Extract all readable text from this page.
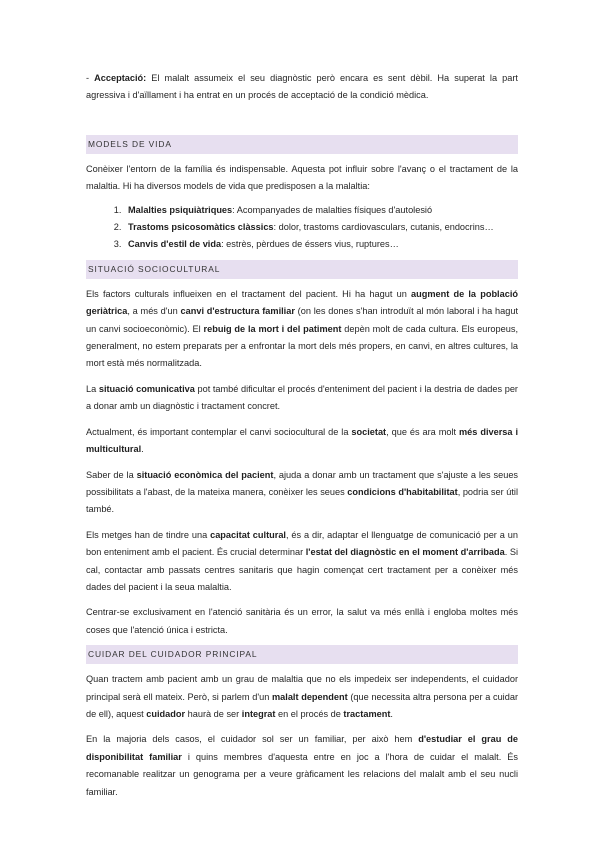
- Acceptació: El malalt assumeix el seu diagnòstic però encara es sent dèbil. Ha superat la part agressiva i d'aïllament i ha entrat en un procés de acceptació de la condició mèdica.

MODELS DE VIDA

Conèixer l'entorn de la família és indispensable. Aquesta pot influir sobre l'avanç o el tractament de la malaltia. Hi ha diversos models de vida que predisposen a la malaltia:

1. Malalties psiquiàtriques: Acompanyades de malalties físiques d'autolesió
2. Trastoms psicosomàtics clàssics: dolor, trastoms cardiovasculars, cutanis, endocrins…
3. Canvis d'estil de vida: estrès, pèrdues de éssers vius, ruptures…
SITUACIÓ SOCIOCULTURAL

Els factors culturals influeixen en el tractament del pacient. Hi ha hagut un augment de la població geriàtrica, a més d'un canvi d'estructura familiar (on les dones s'han introduït al món laboral i ha hagut un canvi socioeconòmic). El rebuig de la mort i del patiment depèn molt de cada cultura. Els europeus, generalment, no estem preparats per a enfrontar la mort dels més propers, en canvi, en altres cultures, la mort està més normalitzada.

La situació comunicativa pot també dificultar el procés d'enteniment del pacient i la destria de dades per a donar amb un diagnòstic i tractament concret.

Actualment, és important contemplar el canvi sociocultural de la societat, que és ara molt més diversa i multicultural.

Saber de la situació econòmica del pacient, ajuda a donar amb un tractament que s'ajuste a les seues possibilitats a l'abast, de la mateixa manera, conèixer les seues condicions d'habitabilitat, podria ser útil també.

Els metges han de tindre una capacitat cultural, és a dir, adaptar el llenguatge de comunicació per a un bon enteniment amb el pacient. És crucial determinar l'estat del diagnòstic en el moment d'arribada. Si cal, contactar amb passats centres sanitaris que hagin començat cert tractament per a conèixer més dades del pacient i la seua malaltia.

Centrar-se exclusivament en l'atenció sanitària és un error, la salut va més enllà i engloba moltes més coses que l'atenció única i estricta.

CUIDAR DEL CUIDADOR PRINCIPAL

Quan tractem amb pacient amb un grau de malaltia que no els impedeix ser independents, el cuidador principal serà ell mateix. Però, si parlem d'un malalt dependent (que necessita altra persona per a cuidar de ell), aquest cuidador haurà de ser integrat en el procés de tractament.

En la majoria dels casos, el cuidador sol ser un familiar, per això hem d'estudiar el grau de disponibilitat familiar i quins membres d'aquesta entre en joc a l'hora de cuidar el malalt. És recomanable realitzar un genograma per a veure gràficament les relacions del malalt amb el seu nucli familiar.
